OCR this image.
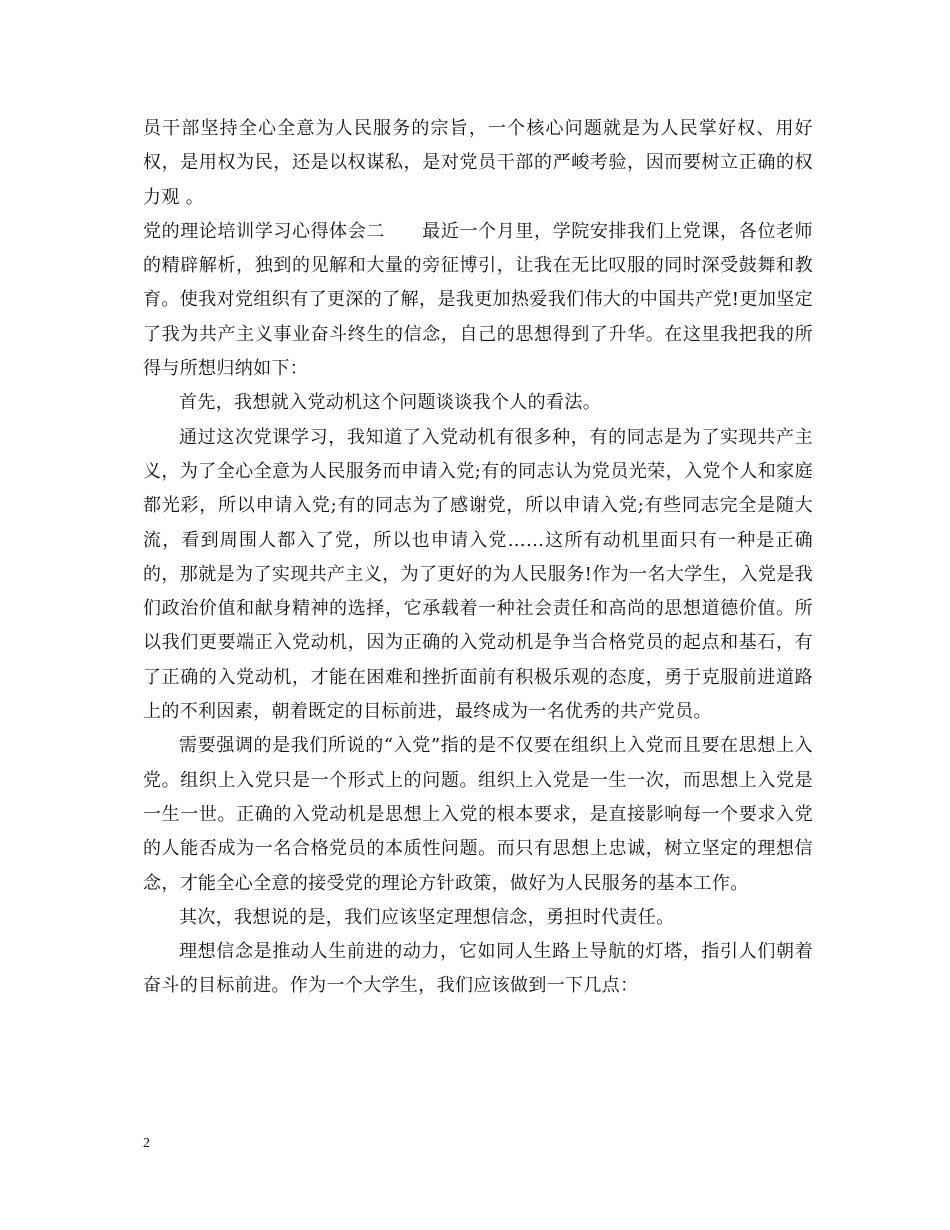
员干部坚持全心全意为人民服务的宗旨，一个核心问题就是为人民掌好权、用好权，是用权为民，还是以权谋私，是对党员干部的严峻考验，因而要树立正确的权力观 。

党的理论培训学习心得体会二　　最近一个月里，学院安排我们上党课，各位老师的精辟解析，独到的见解和大量的旁征博引，让我在无比叹服的同时深受鼓舞和教育。使我对党组织有了更深的了解，是我更加热爱我们伟大的中国共产党!更加坚定了我为共产主义事业奋斗终生的信念，自己的思想得到了升华。在这里我把我的所得与所想归纳如下：

首先，我想就入党动机这个问题谈谈我个人的看法。

通过这次党课学习，我知道了入党动机有很多种，有的同志是为了实现共产主义，为了全心全意为人民服务而申请入党;有的同志认为党员光荣，入党个人和家庭都光彩，所以申请入党;有的同志为了感谢党，所以申请入党;有些同志完全是随大流，看到周围人都入了党，所以也申请入党……这所有动机里面只有一种是正确的，那就是为了实现共产主义，为了更好的为人民服务!作为一名大学生，入党是我们政治价值和献身精神的选择，它承载着一种社会责任和高尚的思想道德价值。所以我们更要端正入党动机，因为正确的入党动机是争当合格党员的起点和基石，有了正确的入党动机，才能在困难和挫折面前有积极乐观的态度，勇于克服前进道路上的不利因素，朝着既定的目标前进，最终成为一名优秀的共产党员。

需要强调的是我们所说的“入党”指的是不仅要在组织上入党而且要在思想上入党。组织上入党只是一个形式上的问题。组织上入党是一生一次，而思想上入党是一生一世。正确的入党动机是思想上入党的根本要求，是直接影响每一个要求入党的人能否成为一名合格党员的本质性问题。而只有思想上忠诚，树立坚定的理想信念，才能全心全意的接受党的理论方针政策，做好为人民服务的基本工作。

其次，我想说的是，我们应该坚定理想信念，勇担时代责任。

理想信念是推动人生前进的动力，它如同人生路上导航的灯塔，指引人们朝着奋斗的目标前进。作为一个大学生，我们应该做到一下几点：

2
